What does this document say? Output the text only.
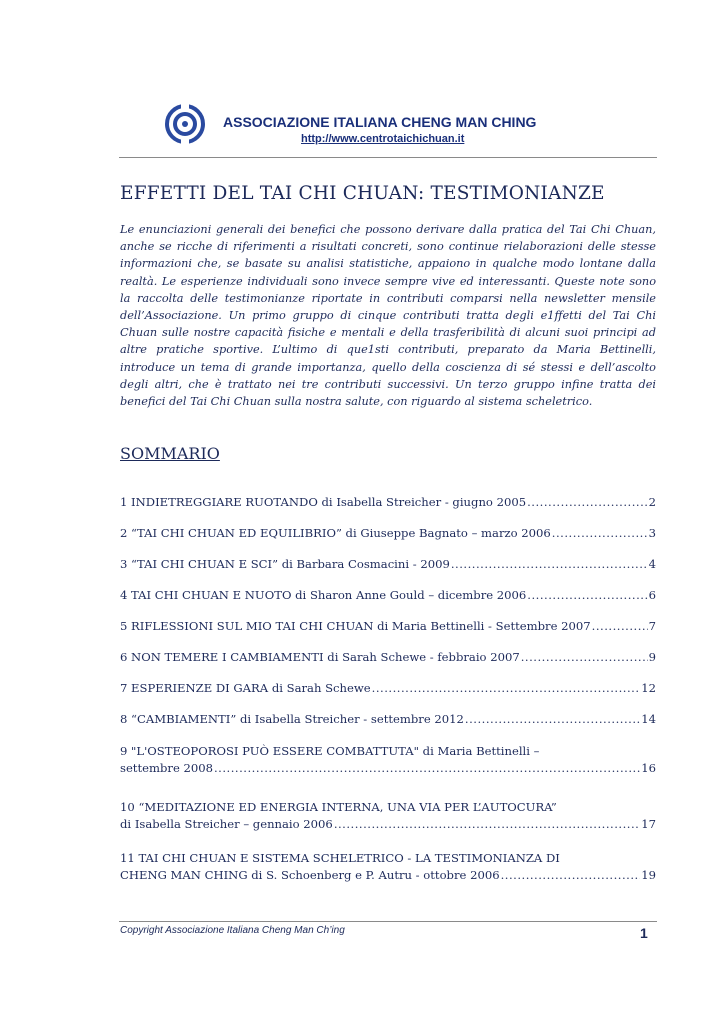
ASSOCIAZIONE ITALIANA CHENG MAN CHING
http://www.centrotaichichuan.it
EFFETTI DEL TAI CHI CHUAN: TESTIMONIANZE

Le enunciazioni generali dei benefici che possono derivare dalla pratica del Tai Chi Chuan, anche se ricche di riferimenti a risultati concreti, sono continue rielaborazioni delle stesse informazioni che, se basate su analisi statistiche, appaiono in qualche modo lontane dalla realtà. Le esperienze individuali sono invece sempre vive ed interessanti. Queste note sono la raccolta delle testimonianze riportate in contributi comparsi nella newsletter mensile dell’Associazione. Un primo gruppo di cinque contributi tratta degli e1ffetti del Tai Chi Chuan sulle nostre capacità fisiche e mentali e della trasferibilità di alcuni suoi principi ad altre pratiche sportive. L’ultimo di que1sti contributi, preparato da Maria Bettinelli, introduce un tema di grande importanza, quello della coscienza di sé stessi e dell’ascolto degli altri, che è trattato nei tre contributi successivi. Un terzo gruppo infine tratta dei benefici del Tai Chi Chuan sulla nostra salute, con riguardo al sistema scheletrico.

SOMMARIO
1 INDIETREGGIARE RUOTANDO di Isabella Streicher - giugno 2005 .....	2
2 “TAI CHI CHUAN ED EQUILIBRIO” di Giuseppe Bagnato – marzo 2006 .....	3
3 “TAI CHI CHUAN E SCI” di Barbara Cosmacini - 2009 .....	4
4 TAI CHI CHUAN E NUOTO di Sharon Anne Gould – dicembre 2006 .....	6
5 RIFLESSIONI SUL MIO TAI CHI CHUAN di Maria Bettinelli - Settembre 2007 .....	7
6 NON TEMERE I CAMBIAMENTI di Sarah Schewe - febbraio 2007 .....	9
7 ESPERIENZE DI GARA di Sarah Schewe .....	12
8 “CAMBIAMENTI” di Isabella Streicher - settembre 2012 .....	14
9 "L'OSTEOPOROSI PUÒ ESSERE COMBATTUTA" di Maria Bettinelli –
settembre 2008 .....	16
10 “MEDITAZIONE ED ENERGIA INTERNA, UNA VIA PER L’AUTOCURA”
di Isabella Streicher – gennaio 2006 .....	17
11 TAI CHI CHUAN E SISTEMA SCHELETRICO - LA TESTIMONIANZA DI
CHENG MAN CHING di S. Schoenberg e P. Autru - ottobre 2006 .....	19
Copyright Associazione Italiana Cheng Man Ch’ing	1
